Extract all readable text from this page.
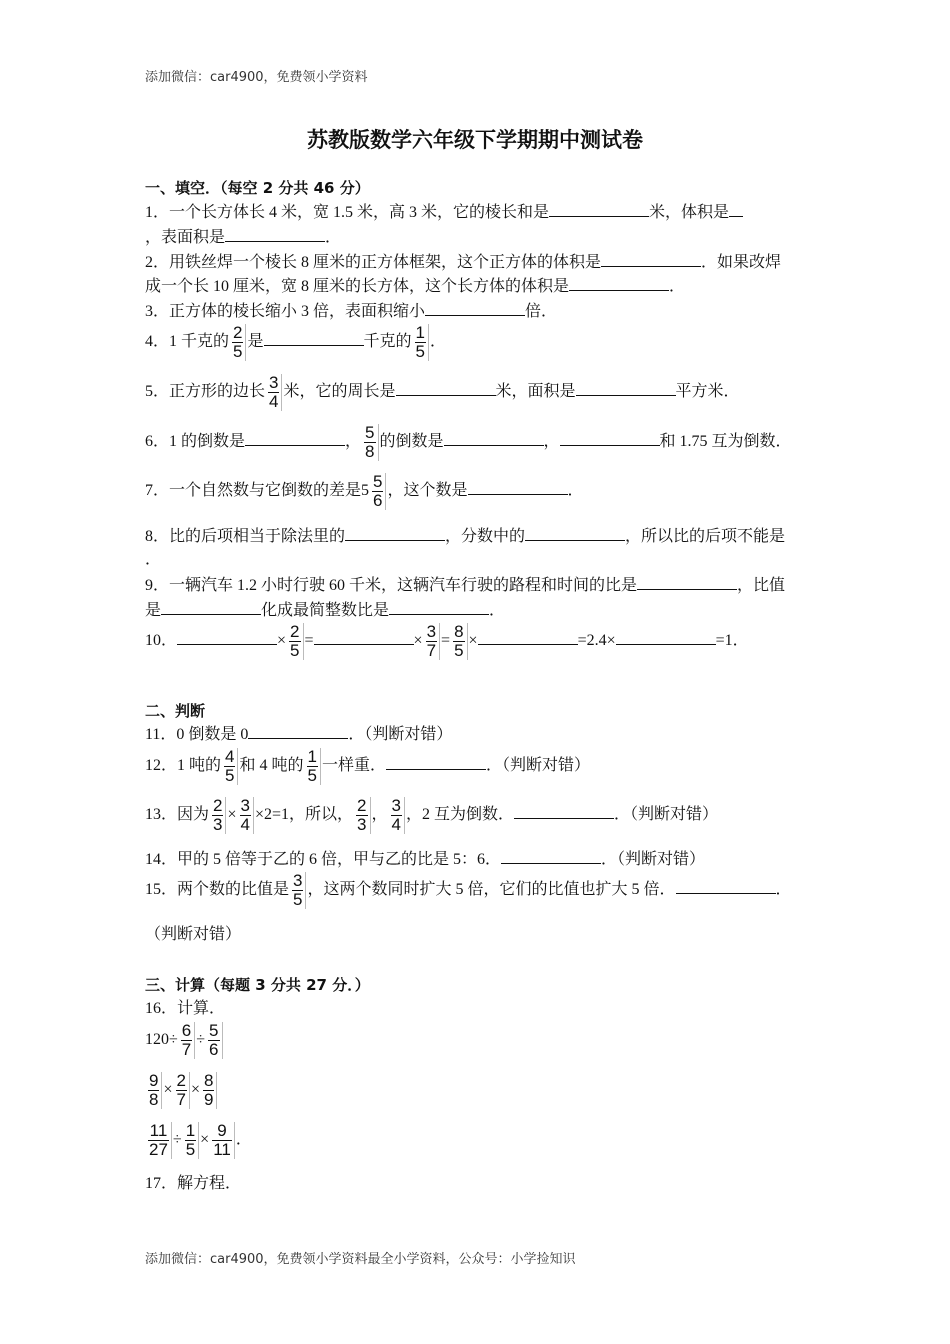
添加微信：car4900，免费领小学资料
苏教版数学六年级下学期期中测试卷
一、填空．（每空 2 分共 46 分）
1．一个长方体长 4 米，宽 1.5 米，高 3 米，它的棱长和是	米，体积是
，表面积是	．
2．用铁丝焊一个棱长 8 厘米的正方体框架，这个正方体的体积是	．如果改焊
成一个长 10 厘米，宽 8 厘米的长方体，这个长方体的体积是	．
3．正方体的棱长缩小 3 倍，表面积缩小	倍．
4．1 千克的 $\frac{2}{5}$ 是	千克的 $\frac{1}{5}$ ．
5．正方形的边长 $\frac{3}{4}$ 米，它的周长是	米，面积是	平方米．
6．1 的倒数是	， $\frac{5}{8}$ 的倒数是	，	和 1.75 互为倒数．
7．一个自然数与它倒数的差是$5 \frac{5}{6}$ ，这个数是	．
8．比的后项相当于除法里的	，分数中的	，所以比的后项不能是
．
9．一辆汽车 1.2 小时行驶 60 千米，这辆汽车行驶的路程和时间的比是	，比值
是	化成最简整数比是	．
10．	× $\frac{2}{5}$ =	× $\frac{3}{7} = \frac{8}{5}$ ×	=2.4×	=1．
二、判断
11．0 倒数是 0	．（判断对错）
12．1 吨的 $\frac{4}{5}$ 和 4 吨的 $\frac{1}{5}$ 一样重．	．（判断对错）
13．因为 $\frac{2}{3} \times \frac{3}{4} \times 2=1$，所以， $\frac{2}{3}$ ， $\frac{3}{4}$ ，2 互为倒数．	．（判断对错）
14．甲的 5 倍等于乙的 6 倍，甲与乙的比是 5：6．	．（判断对错）
15．两个数的比值是 $\frac{3}{5}$ ，这两个数同时扩大 5 倍，它们的比值也扩大 5 倍．	．
（判断对错）
三、计算（每题 3 分共 27 分．）
16．计算．
$120\div \frac{6}{7} \div \frac{5}{6}$
$\frac{9}{8} \times \frac{2}{7} \times \frac{8}{9}$
$\frac{11}{27} \div \frac{1}{5} \times \frac{9}{11}$ ．
17．解方程．
添加微信：car4900，免费领小学资料最全小学资料，公众号：小学捡知识
